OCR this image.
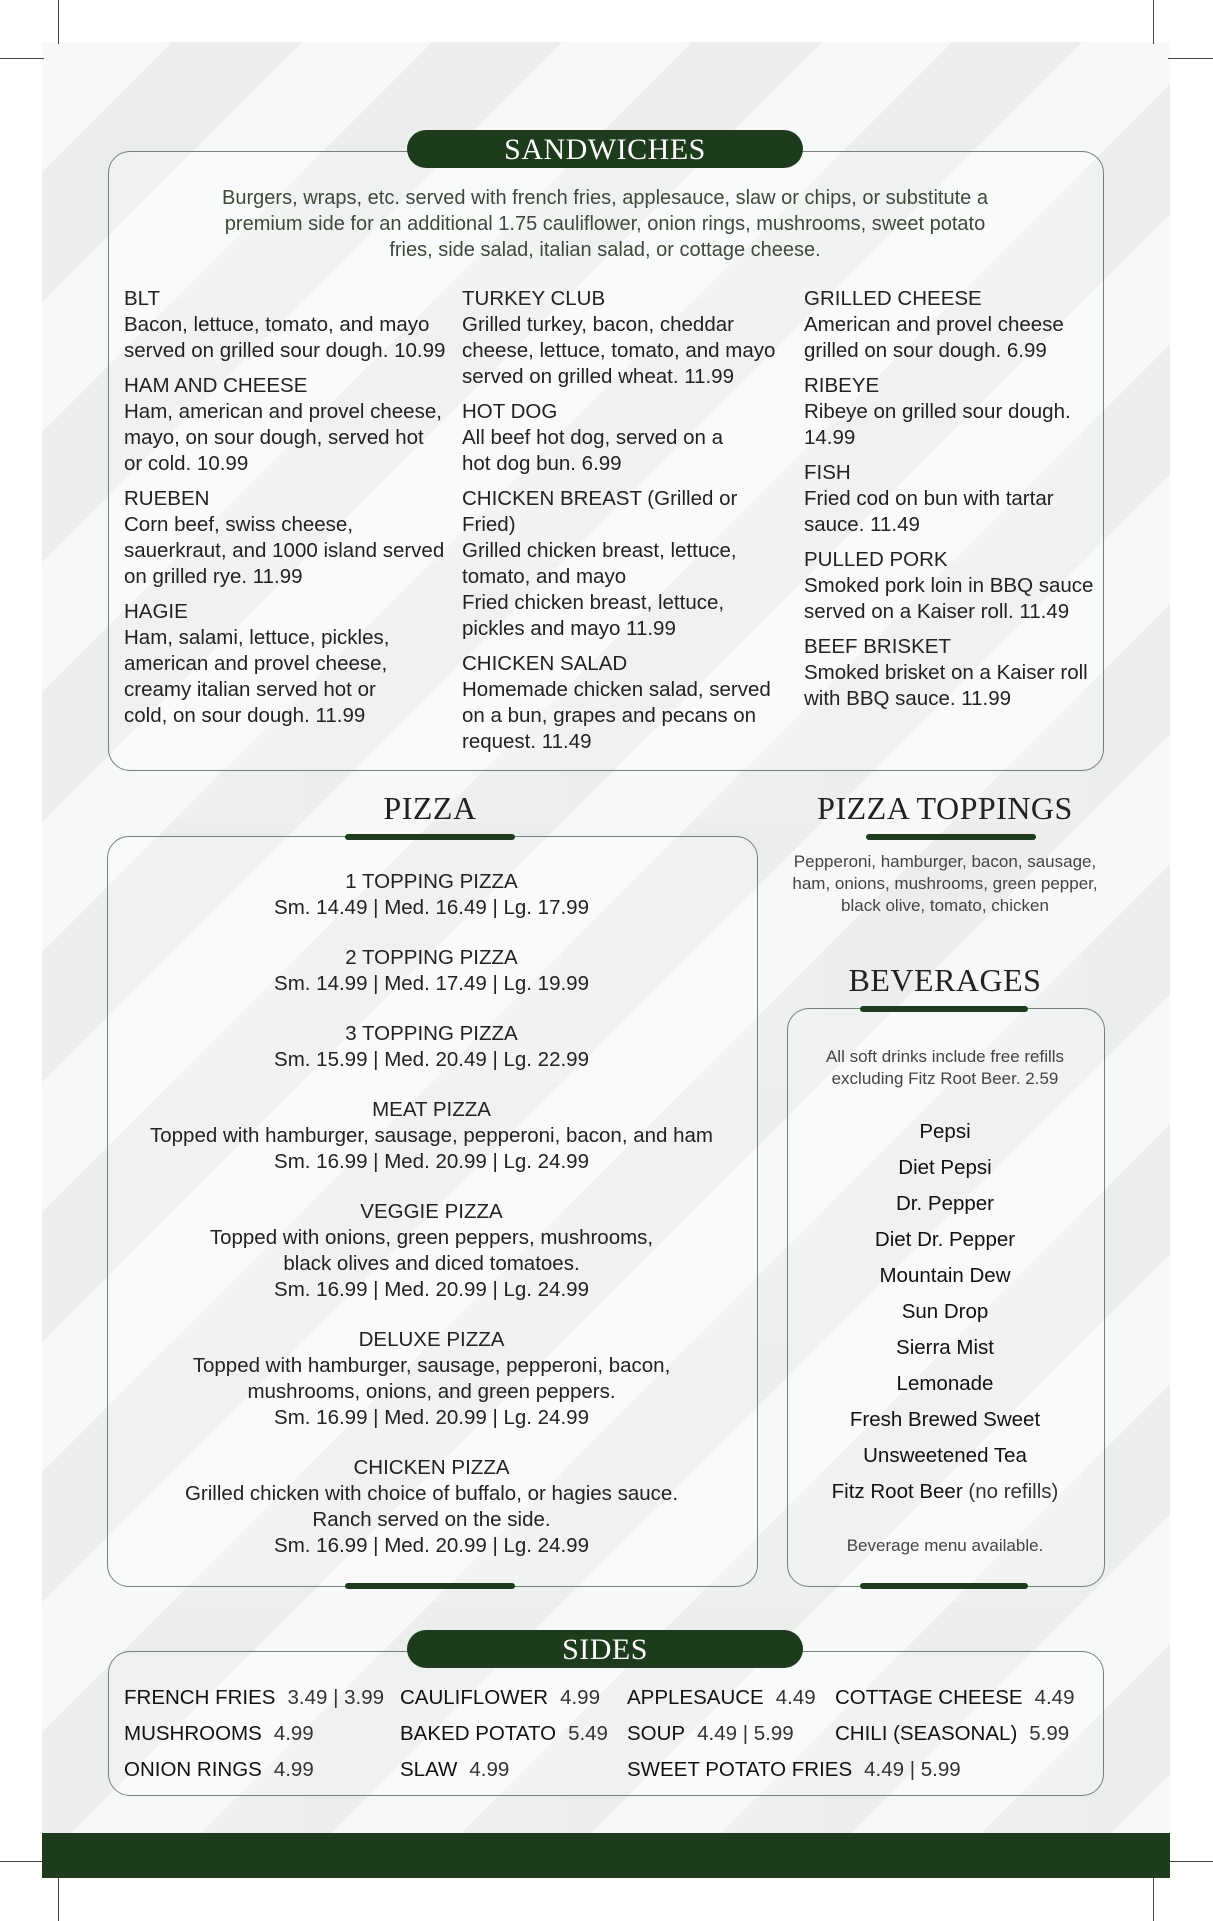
SANDWICHES
Burgers, wraps, etc. served with french fries, applesauce, slaw or chips, or substitute a
premium side for an additional 1.75 cauliflower, onion rings, mushrooms, sweet potato
fries, side salad, italian salad, or cottage cheese.
BLT
Bacon, lettuce, tomato, and mayo
served on grilled sour dough. 10.99
HAM AND CHEESE
Ham, american and provel cheese,
mayo, on sour dough, served hot
or cold. 10.99
RUEBEN
Corn beef, swiss cheese,
sauerkraut, and 1000 island served
on grilled rye. 11.99
HAGIE
Ham, salami, lettuce, pickles,
american and provel cheese,
creamy italian served hot or
cold, on sour dough. 11.99
TURKEY CLUB
Grilled turkey, bacon, cheddar
cheese, lettuce, tomato, and mayo
served on grilled wheat. 11.99
HOT DOG
All beef hot dog, served on a
hot dog bun. 6.99
CHICKEN BREAST (Grilled or Fried)
Grilled chicken breast, lettuce,
tomato, and mayo
Fried chicken breast, lettuce,
pickles and mayo 11.99
CHICKEN SALAD
Homemade chicken salad, served
on a bun, grapes and pecans on
request. 11.49
GRILLED CHEESE
American and provel cheese
grilled on sour dough. 6.99
RIBEYE
Ribeye on grilled sour dough.
14.99
FISH
Fried cod on bun with tartar
sauce. 11.49
PULLED PORK
Smoked pork loin in BBQ sauce
served on a Kaiser roll. 11.49
BEEF BRISKET
Smoked brisket on a Kaiser roll
with BBQ sauce. 11.99
PIZZA
1 TOPPING PIZZA
Sm. 14.49 | Med. 16.49 | Lg. 17.99
2 TOPPING PIZZA
Sm. 14.99 | Med. 17.49 | Lg. 19.99
3 TOPPING PIZZA
Sm. 15.99 | Med. 20.49 | Lg. 22.99
MEAT PIZZA
Topped with hamburger, sausage, pepperoni, bacon, and ham
Sm. 16.99 | Med. 20.99 | Lg. 24.99
VEGGIE PIZZA
Topped with onions, green peppers, mushrooms,
black olives and diced tomatoes.
Sm. 16.99 | Med. 20.99 | Lg. 24.99
DELUXE PIZZA
Topped with hamburger, sausage, pepperoni, bacon,
mushrooms, onions, and green peppers.
Sm. 16.99 | Med. 20.99 | Lg. 24.99
CHICKEN PIZZA
Grilled chicken with choice of buffalo, or hagies sauce.
Ranch served on the side.
Sm. 16.99 | Med. 20.99 | Lg. 24.99
PIZZA TOPPINGS
Pepperoni, hamburger, bacon, sausage,
ham, onions, mushrooms, green pepper,
black olive, tomato, chicken
BEVERAGES
All soft drinks include free refills
excluding Fitz Root Beer. 2.59
Pepsi
Diet Pepsi
Dr. Pepper
Diet Dr. Pepper
Mountain Dew
Sun Drop
Sierra Mist
Lemonade
Fresh Brewed Sweet
Unsweetened Tea
Fitz Root Beer (no refills)
Beverage menu available.
SIDES
FRENCH FRIES 3.49 | 3.99
MUSHROOMS 4.99
ONION RINGS 4.99
CAULIFLOWER 4.99
BAKED POTATO 5.49
SLAW 4.99
APPLESAUCE 4.49
SOUP 4.49 | 5.99
SWEET POTATO FRIES 4.49 | 5.99
COTTAGE CHEESE 4.49
CHILI (SEASONAL) 5.99
